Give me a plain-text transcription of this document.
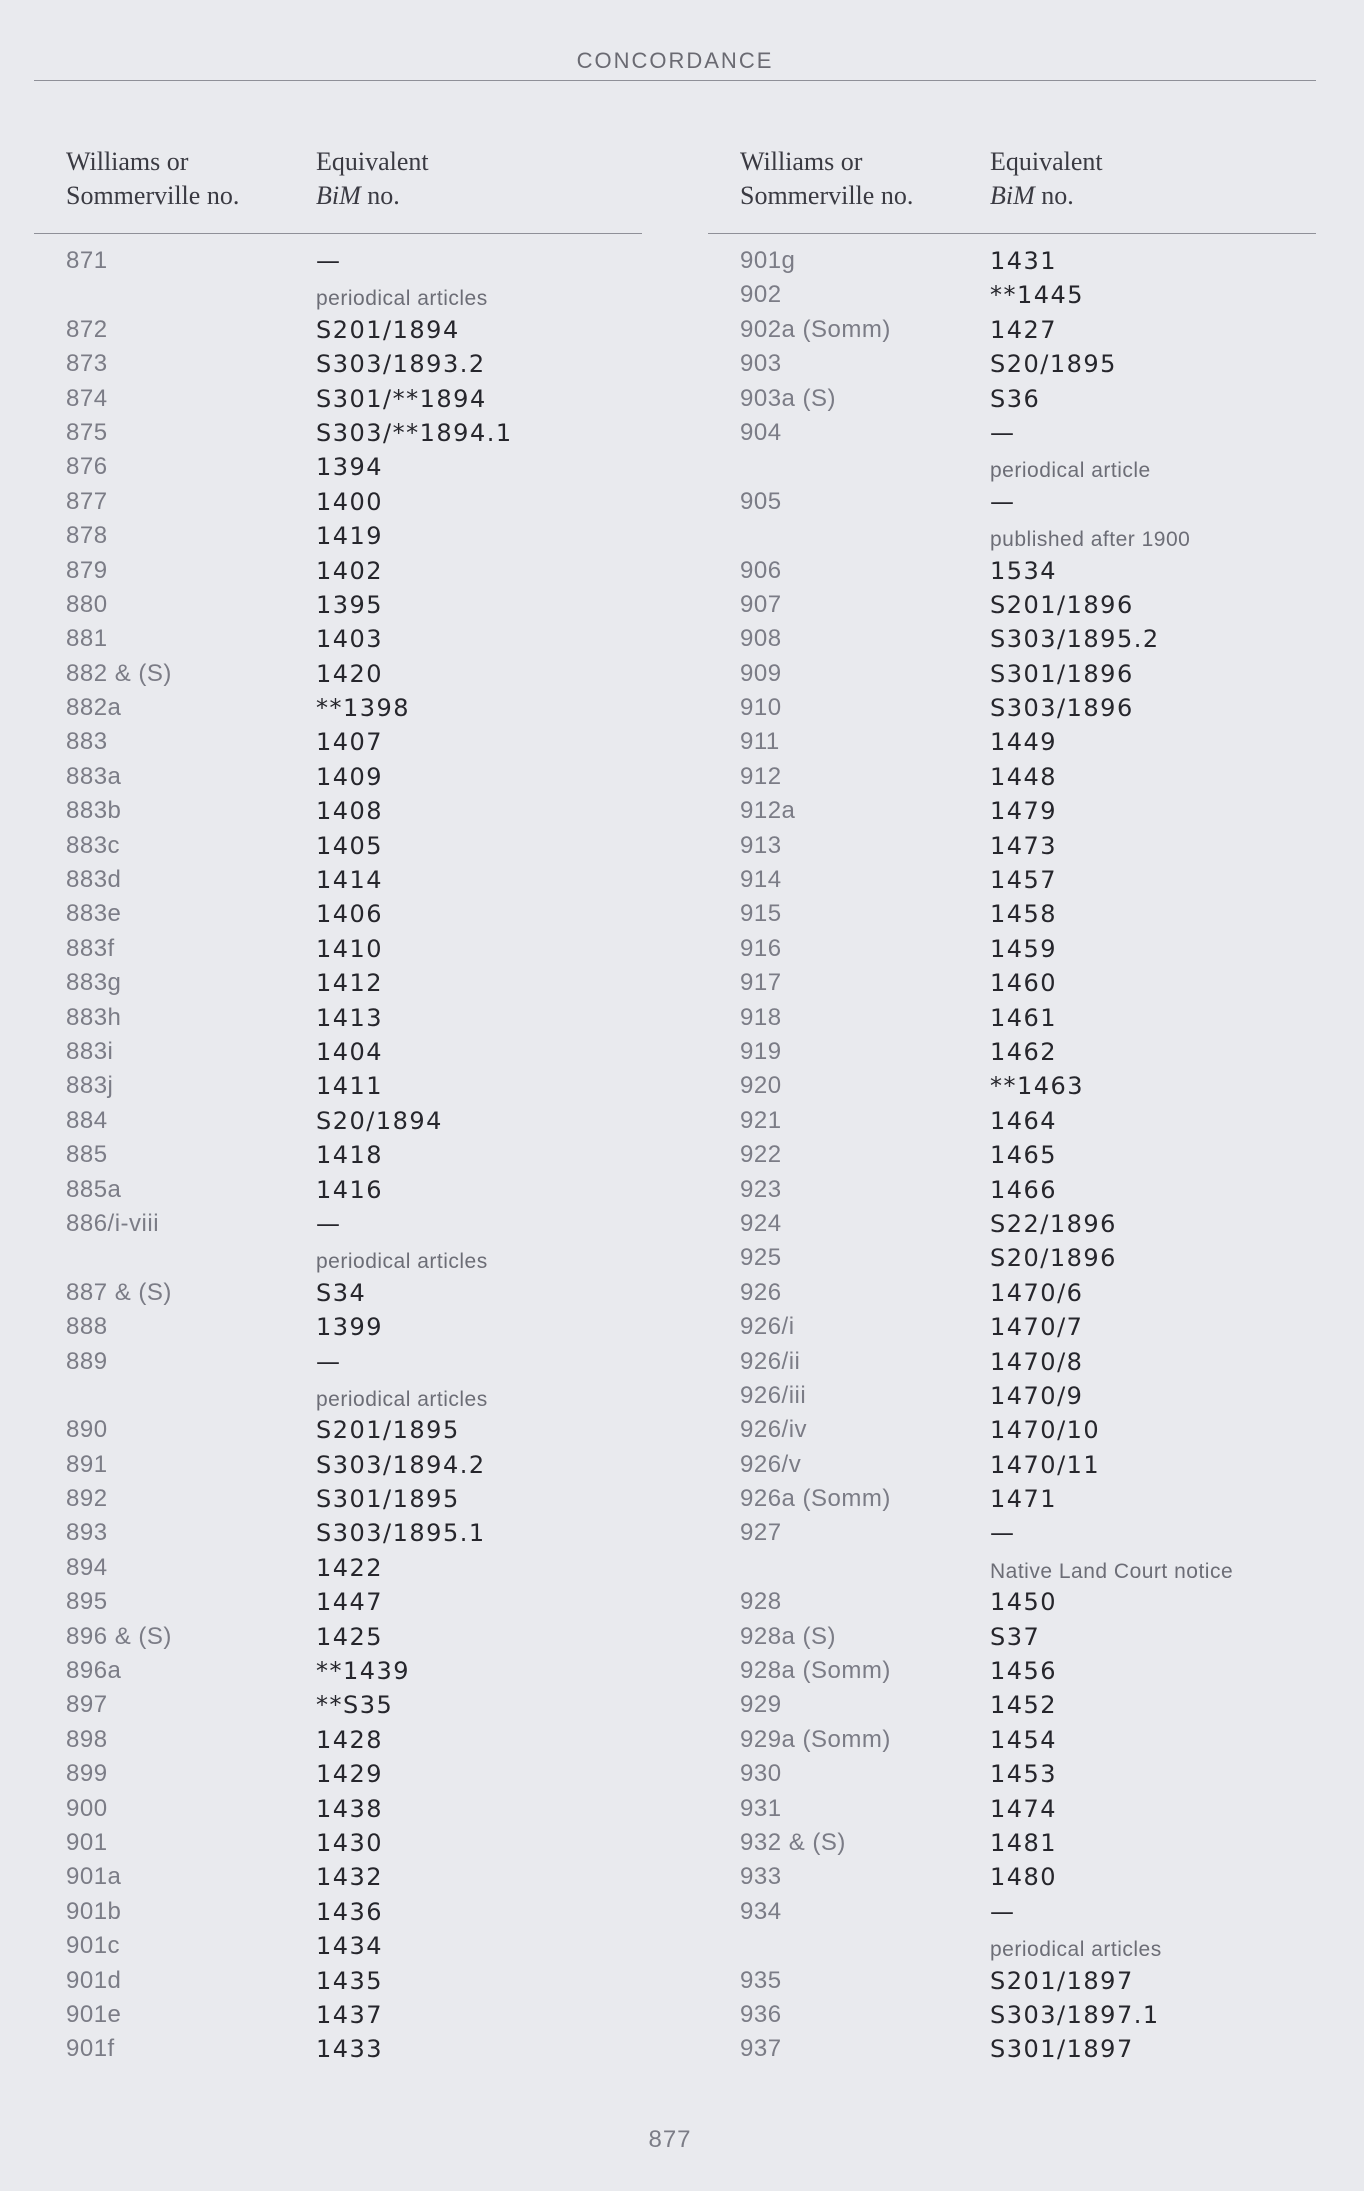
CONCORDANCE
Williams or
Sommerville no.
Equivalent
BiM no.
871	—
periodical articles
872	S201/1894
873	S303/1893.2
874	S301/**1894
875	S303/**1894.1
876	1394
877	1400
878	1419
879	1402
880	1395
881	1403
882 & (S)	1420
882a	**1398
883	1407
883a	1409
883b	1408
883c	1405
883d	1414
883e	1406
883f	1410
883g	1412
883h	1413
883i	1404
883j	1411
884	S20/1894
885	1418
885a	1416
886/i-viii	—
periodical articles
887 & (S)	S34
888	1399
889	—
periodical articles
890	S201/1895
891	S303/1894.2
892	S301/1895
893	S303/1895.1
894	1422
895	1447
896 & (S)	1425
896a	**1439
897	**S35
898	1428
899	1429
900	1438
901	1430
901a	1432
901b	1436
901c	1434
901d	1435
901e	1437
901f	1433
Williams or
Sommerville no.
Equivalent
BiM no.
901g	1431
902	**1445
902a (Somm)	1427
903	S20/1895
903a (S)	S36
904	—
periodical article
905	—
published after 1900
906	1534
907	S201/1896
908	S303/1895.2
909	S301/1896
910	S303/1896
911	1449
912	1448
912a	1479
913	1473
914	1457
915	1458
916	1459
917	1460
918	1461
919	1462
920	**1463
921	1464
922	1465
923	1466
924	S22/1896
925	S20/1896
926	1470/6
926/i	1470/7
926/ii	1470/8
926/iii	1470/9
926/iv	1470/10
926/v	1470/11
926a (Somm)	1471
927	—
Native Land Court notice
928	1450
928a (S)	S37
928a (Somm)	1456
929	1452
929a (Somm)	1454
930	1453
931	1474
932 & (S)	1481
933	1480
934	—
periodical articles
935	S201/1897
936	S303/1897.1
937	S301/1897
877
